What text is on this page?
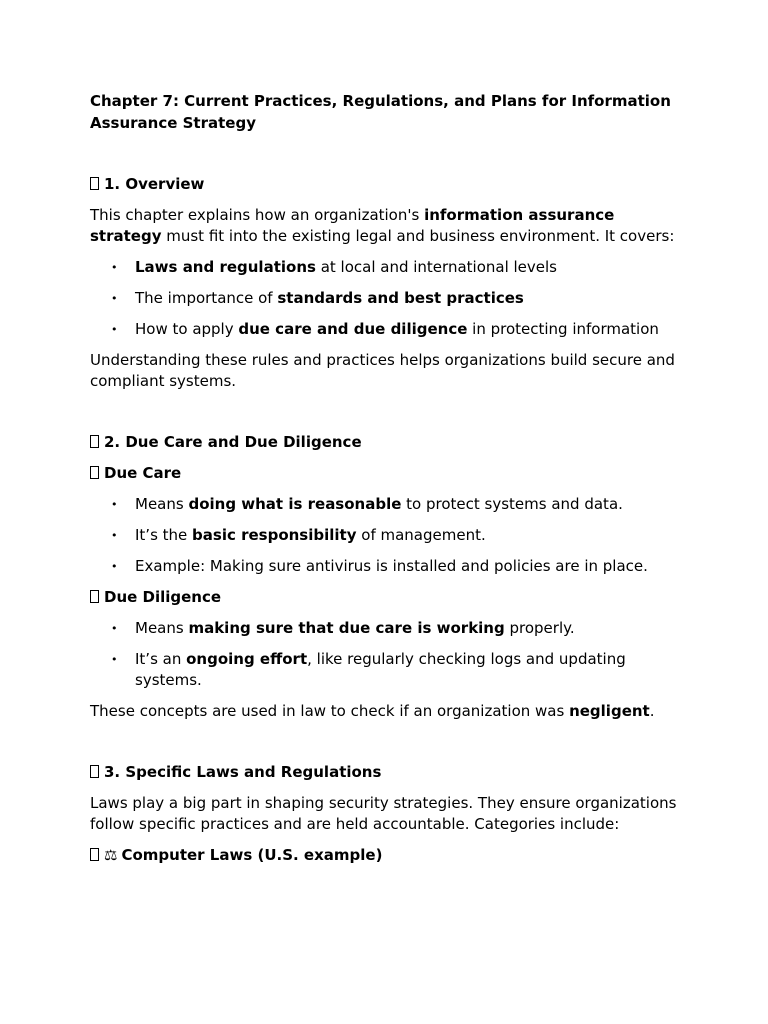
Chapter 7: Current Practices, Regulations, and Plans for Information Assurance Strategy
1. Overview

This chapter explains how an organization's information assurance strategy must fit into the existing legal and business environment. It covers:

• Laws and regulations at local and international levels
• The importance of standards and best practices
• How to apply due care and due diligence in protecting information

Understanding these rules and practices helps organizations build secure and compliant systems.

2. Due Care and Due Diligence
Due Care
• Means doing what is reasonable to protect systems and data.
• It’s the basic responsibility of management.
• Example: Making sure antivirus is installed and policies are in place.
Due Diligence
• Means making sure that due care is working properly.
• It’s an ongoing effort, like regularly checking logs and updating systems.

These concepts are used in law to check if an organization was negligent.

3. Specific Laws and Regulations

Laws play a big part in shaping security strategies. They ensure organizations follow specific practices and are held accountable. Categories include:

⚖ Computer Laws (U.S. example)
